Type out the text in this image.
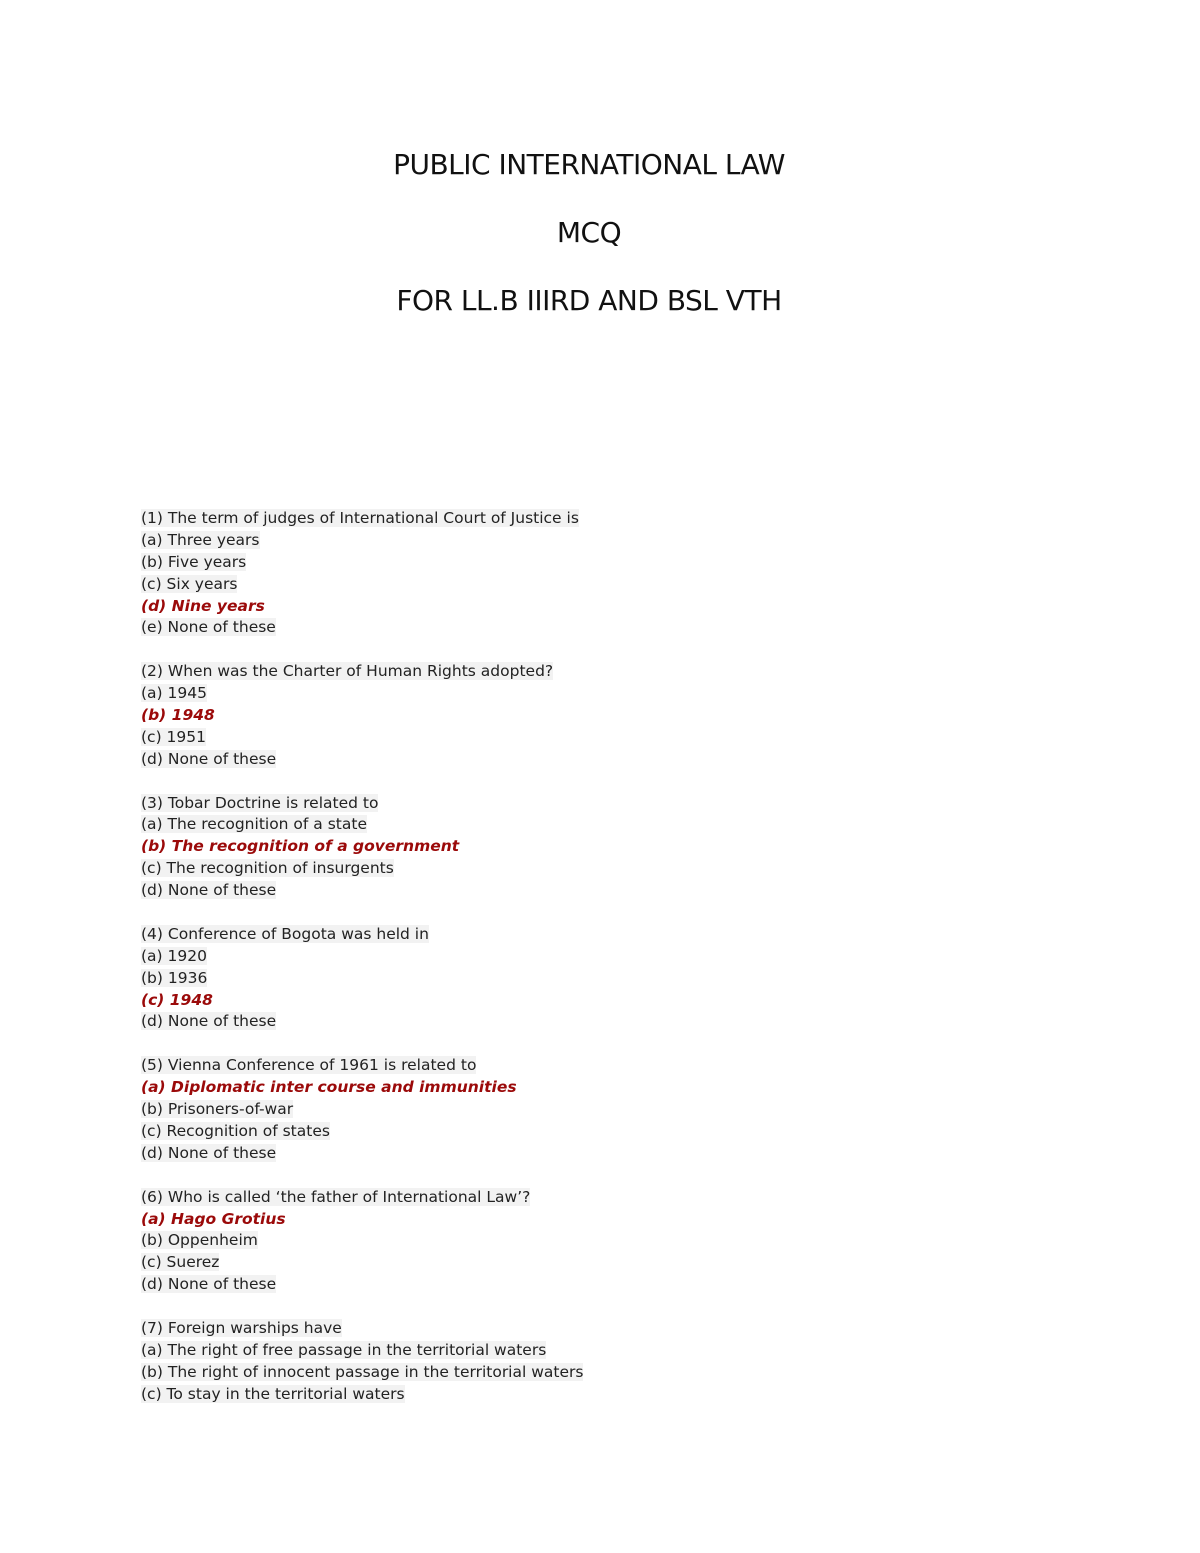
PUBLIC INTERNATIONAL LAW
MCQ
FOR LL.B IIIRD AND BSL VTH
(1) The term of judges of International Court of Justice is
(a) Three years
(b) Five years
(c) Six years
(d) Nine years
(e) None of these
(2) When was the Charter of Human Rights adopted?
(a) 1945
(b) 1948
(c) 1951
(d) None of these
(3) Tobar Doctrine is related to
(a) The recognition of a state
(b) The recognition of a government
(c) The recognition of insurgents
(d) None of these
(4) Conference of Bogota was held in
(a) 1920
(b) 1936
(c) 1948
(d) None of these
(5) Vienna Conference of 1961 is related to
(a) Diplomatic inter course and immunities
(b) Prisoners-of-war
(c) Recognition of states
(d) None of these
(6) Who is called ‘the father of International Law’?
(a) Hago Grotius
(b) Oppenheim
(c) Suerez
(d) None of these
(7) Foreign warships have
(a) The right of free passage in the territorial waters
(b) The right of innocent passage in the territorial waters
(c) To stay in the territorial waters
